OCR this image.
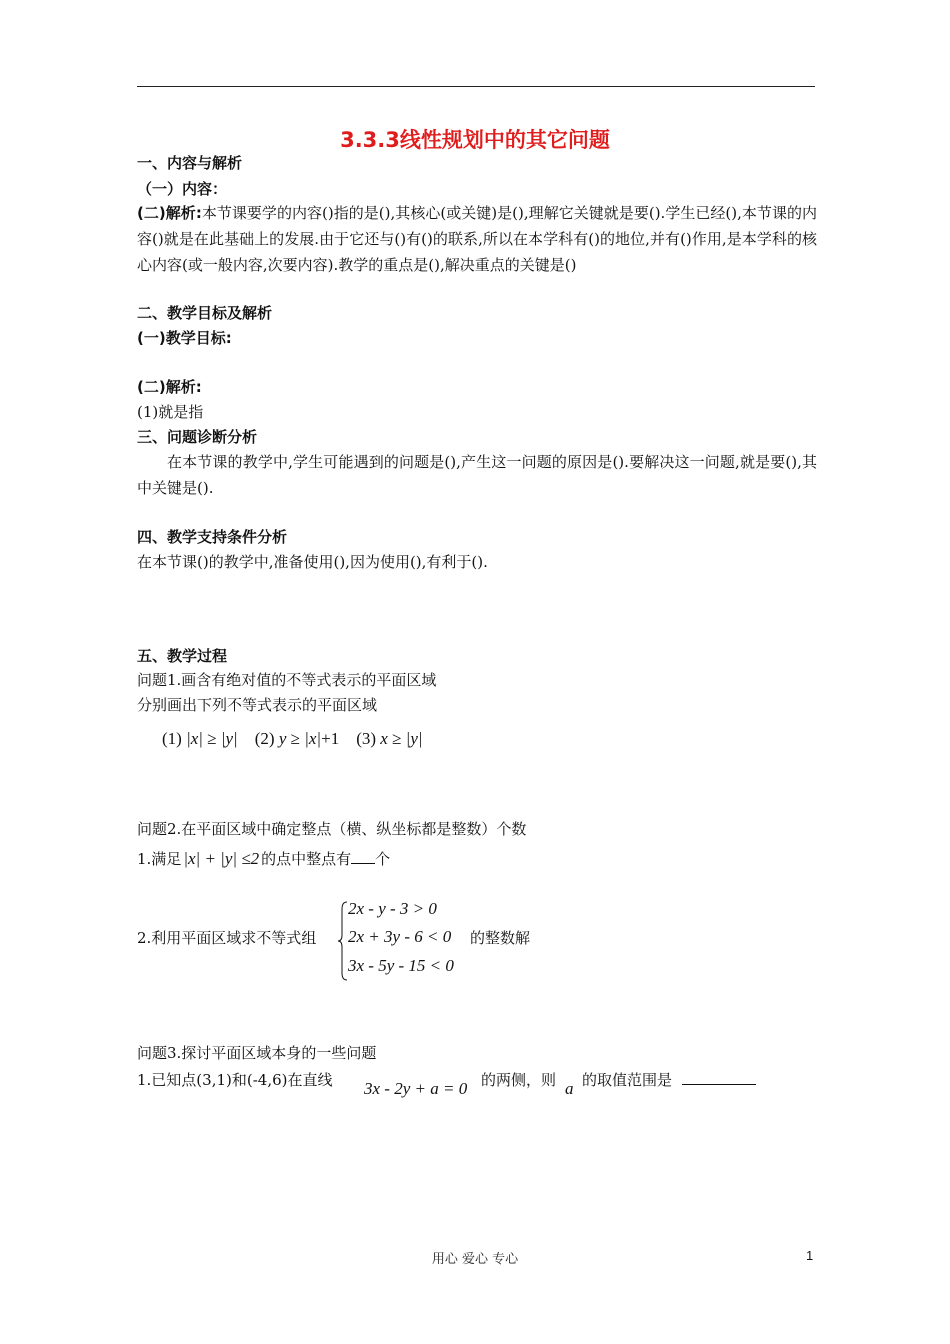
3.3.3线性规划中的其它问题
一、内容与解析
（一）内容：
(二)解析:本节课要学的内容()指的是(),其核心(或关键)是(),理解它关键就是要().学生已经(),本节课的内容()就是在此基础上的发展.由于它还与()有()的联系,所以在本学科有()的地位,并有()作用,是本学科的核心内容(或一般内容,次要内容).教学的重点是(),解决重点的关键是()
二、教学目标及解析
(一)教学目标:
(二)解析:
(1)就是指
三、问题诊断分析
在本节课的教学中,学生可能遇到的问题是(),产生这一问题的原因是().要解决这一问题,就是要(),其中关键是().
四、教学支持条件分析
在本节课()的教学中,准备使用(),因为使用(),有利于().
五、教学过程
问题1.画含有绝对值的不等式表示的平面区域
分别画出下列不等式表示的平面区域
(1) |x| ≥ |y| (2) y ≥ |x|+1 (3) x ≥ |y|
问题2.在平面区域中确定整点（横、纵坐标都是整数）个数
1.满足 |x| + |y| ≤2 的点中整点有 个
2.利用平面区域求不等式组
2x - y - 3 > 0
2x + 3y - 6 < 0
3x - 5y - 15 < 0
的整数解
问题3.探讨平面区域本身的一些问题
1.已知点(3,1)和(-4,6)在直线 3x - 2y + a = 0 的两侧，则 a 的取值范围是
用心 爱心 专心	1
